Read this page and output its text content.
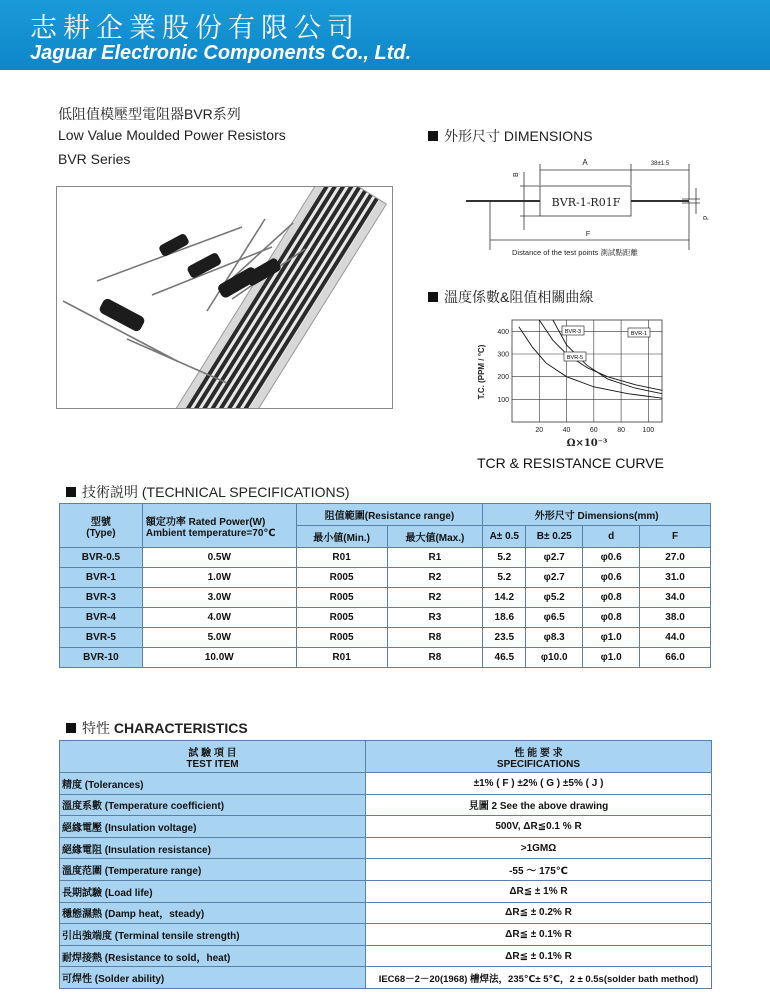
志耕企業股份有限公司
Jaguar Electronic Components Co., Ltd.
低阻值模壓型電阻器BVR系列
Low Value Moulded Power Resistors
BVR Series
外形尺寸 DIMENSIONS
A	38±1.5
B
BVR-1-R01F
d
F
Distance of the test points 測試點距離
溫度係數&阻值相關曲線
BVR-3
BVR-5
BVR-1
100
200
300
400
20	40	60	80	100
T.C. (PPM / °C)
Ω×10⁻³
TCR & RESISTANCE CURVE
技術説明 (TECHNICAL SPECIFICATIONS)
型號
(Type)	額定功率 Rated Power(W)
Ambient temperature=70℃	阻值範圍(Resistance range)		外形尺寸 Dimensions(mm)			
		最小値(Min.)	最大値(Max.)	A± 0.5	B± 0.25	d	F
BVR-0.5	0.5W	R01	R1	5.2	φ2.7	φ0.6	27.0
BVR-1	1.0W	R005	R2	5.2	φ2.7	φ0.6	31.0
BVR-3	3.0W	R005	R2	14.2	φ5.2	φ0.8	34.0
BVR-4	4.0W	R005	R3	18.6	φ6.5	φ0.8	38.0
BVR-5	5.0W	R005	R8	23.5	φ8.3	φ1.0	44.0
BVR-10	10.0W	R01	R8	46.5	φ10.0	φ1.0	66.0
特性 CHARACTERISTICS
試 驗 項 目
TEST ITEM	性 能 要 求
SPECIFICATIONS
精度 (Tolerances)	±1% ( F ) ±2% ( G ) ±5% ( J )
溫度系數 (Temperature coefficient)	見圖 2 See the above drawing
絕緣電壓 (Insulation voltage)	500V, ΔR≦0.1 % R
絕緣電阻 (Insulation resistance)	>1GMΩ
溫度范圍 (Temperature range)	-55 ～ 175℃
長期試驗 (Load life)	ΔR≦ ± 1% R
穩態濕熱 (Damp heat，steady)	ΔR≦ ± 0.2% R
引出強端度 (Terminal tensile strength)	ΔR≦ ± 0.1% R
耐焊接熱 (Resistance to sold，heat)	ΔR≦ ± 0.1% R
可焊性 (Solder ability)	IEC68－2－20(1968) 槽焊法，235℃± 5℃，2 ± 0.5s(solder bath method)
